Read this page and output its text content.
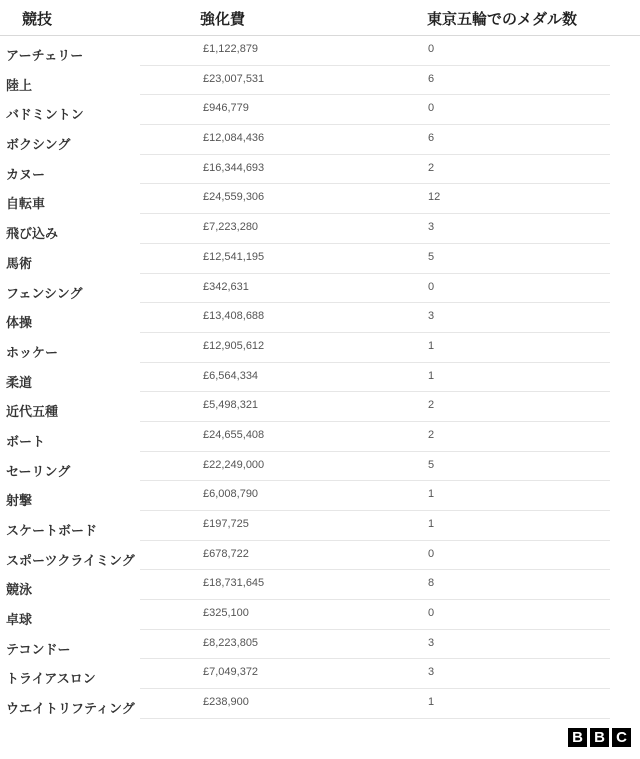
競技	強化費	東京五輪でのメダル数
アーチェリー	£1,122,879	0
陸上	£23,007,531	6
バドミントン	£946,779	0
ボクシング	£12,084,436	6
カヌー	£16,344,693	2
自転車	£24,559,306	12
飛び込み	£7,223,280	3
馬術	£12,541,195	5
フェンシング	£342,631	0
体操	£13,408,688	3
ホッケー	£12,905,612	1
柔道	£6,564,334	1
近代五種	£5,498,321	2
ボート	£24,655,408	2
セーリング	£22,249,000	5
射撃	£6,008,790	1
スケートボード	£197,725	1
スポーツクライミング	£678,722	0
競泳	£18,731,645	8
卓球	£325,100	0
テコンドー	£8,223,805	3
トライアスロン	£7,049,372	3
ウエイトリフティング	£238,900	1
B B C
